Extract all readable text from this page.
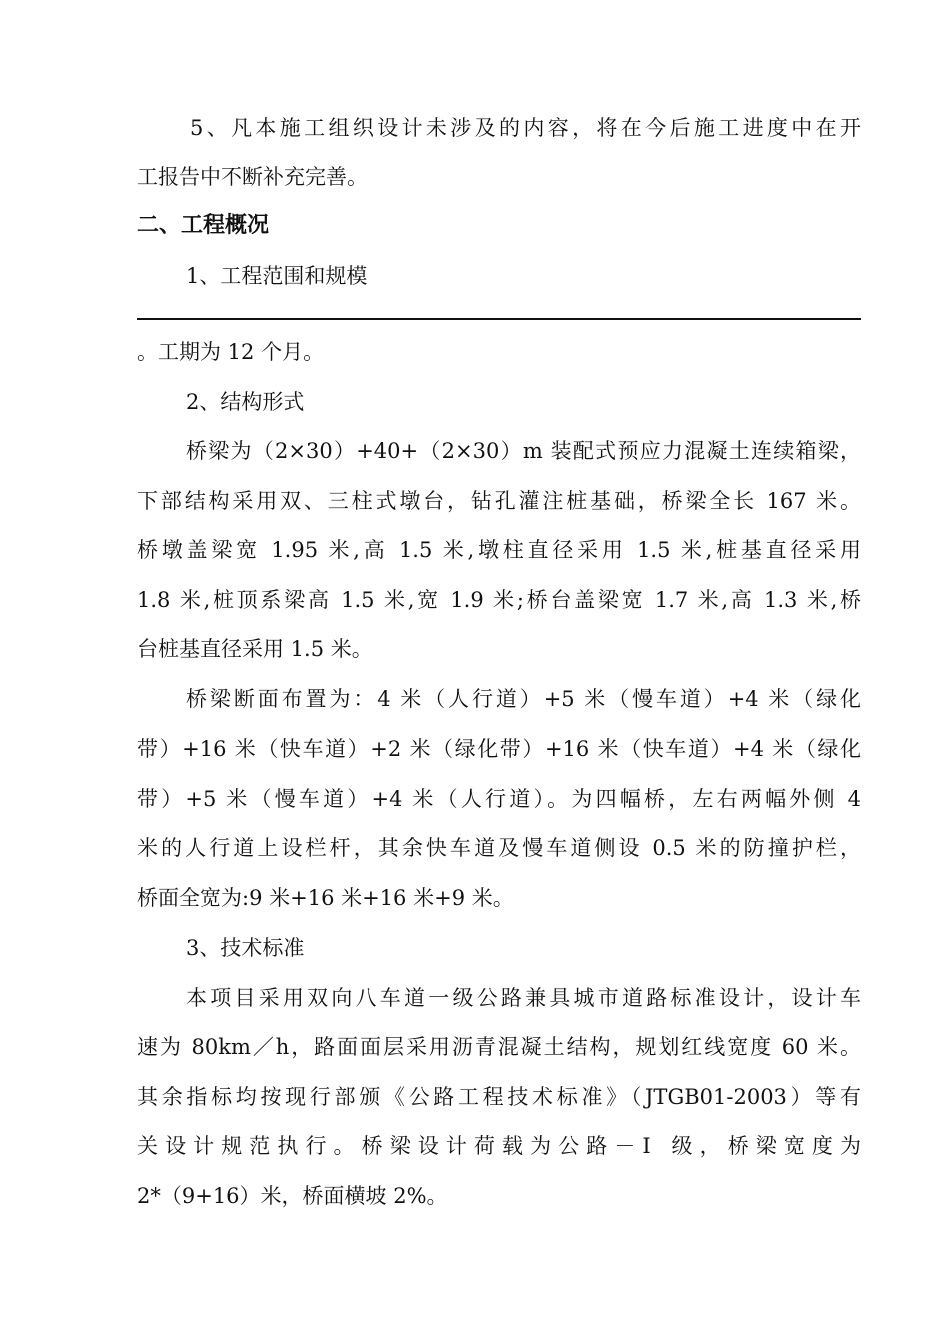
5、凡本施工组织设计未涉及的内容，将在今后施工进度中在开
工报告中不断补充完善。
二、工程概况
1、工程范围和规模
。工期为 12 个月。
2、结构形式
桥梁为（2×30）+40+（2×30）m 装配式预应力混凝土连续箱梁，
下部结构采用双、三柱式墩台，钻孔灌注桩基础，桥梁全长 167 米。
桥墩盖梁宽 1.95 米,高 1.5 米,墩柱直径采用 1.5 米,桩基直径采用
1.8 米,桩顶系梁高 1.5 米,宽 1.9 米;桥台盖梁宽 1.7 米,高 1.3 米,桥
台桩基直径采用 1.5 米。
桥梁断面布置为：4 米（人行道）+5 米（慢车道）+4 米（绿化
带）+16 米（快车道）+2 米（绿化带）+16 米（快车道）+4 米（绿化
带）+5 米（慢车道）+4 米（人行道）。为四幅桥，左右两幅外侧 4
米的人行道上设栏杆，其余快车道及慢车道侧设 0.5 米的防撞护栏，
桥面全宽为:9 米+16 米+16 米+9 米。
3、技术标准
本项目采用双向八车道一级公路兼具城市道路标准设计，设计车
速为 80km／h，路面面层采用沥青混凝土结构，规划红线宽度 60 米。
其余指标均按现行部颁《公路工程技术标准》（JTGB01-2003）等有
关设计规范执行。桥梁设计荷载为公路－Ⅰ 级，桥梁宽度为
2*（9+16）米，桥面横坡 2%。
